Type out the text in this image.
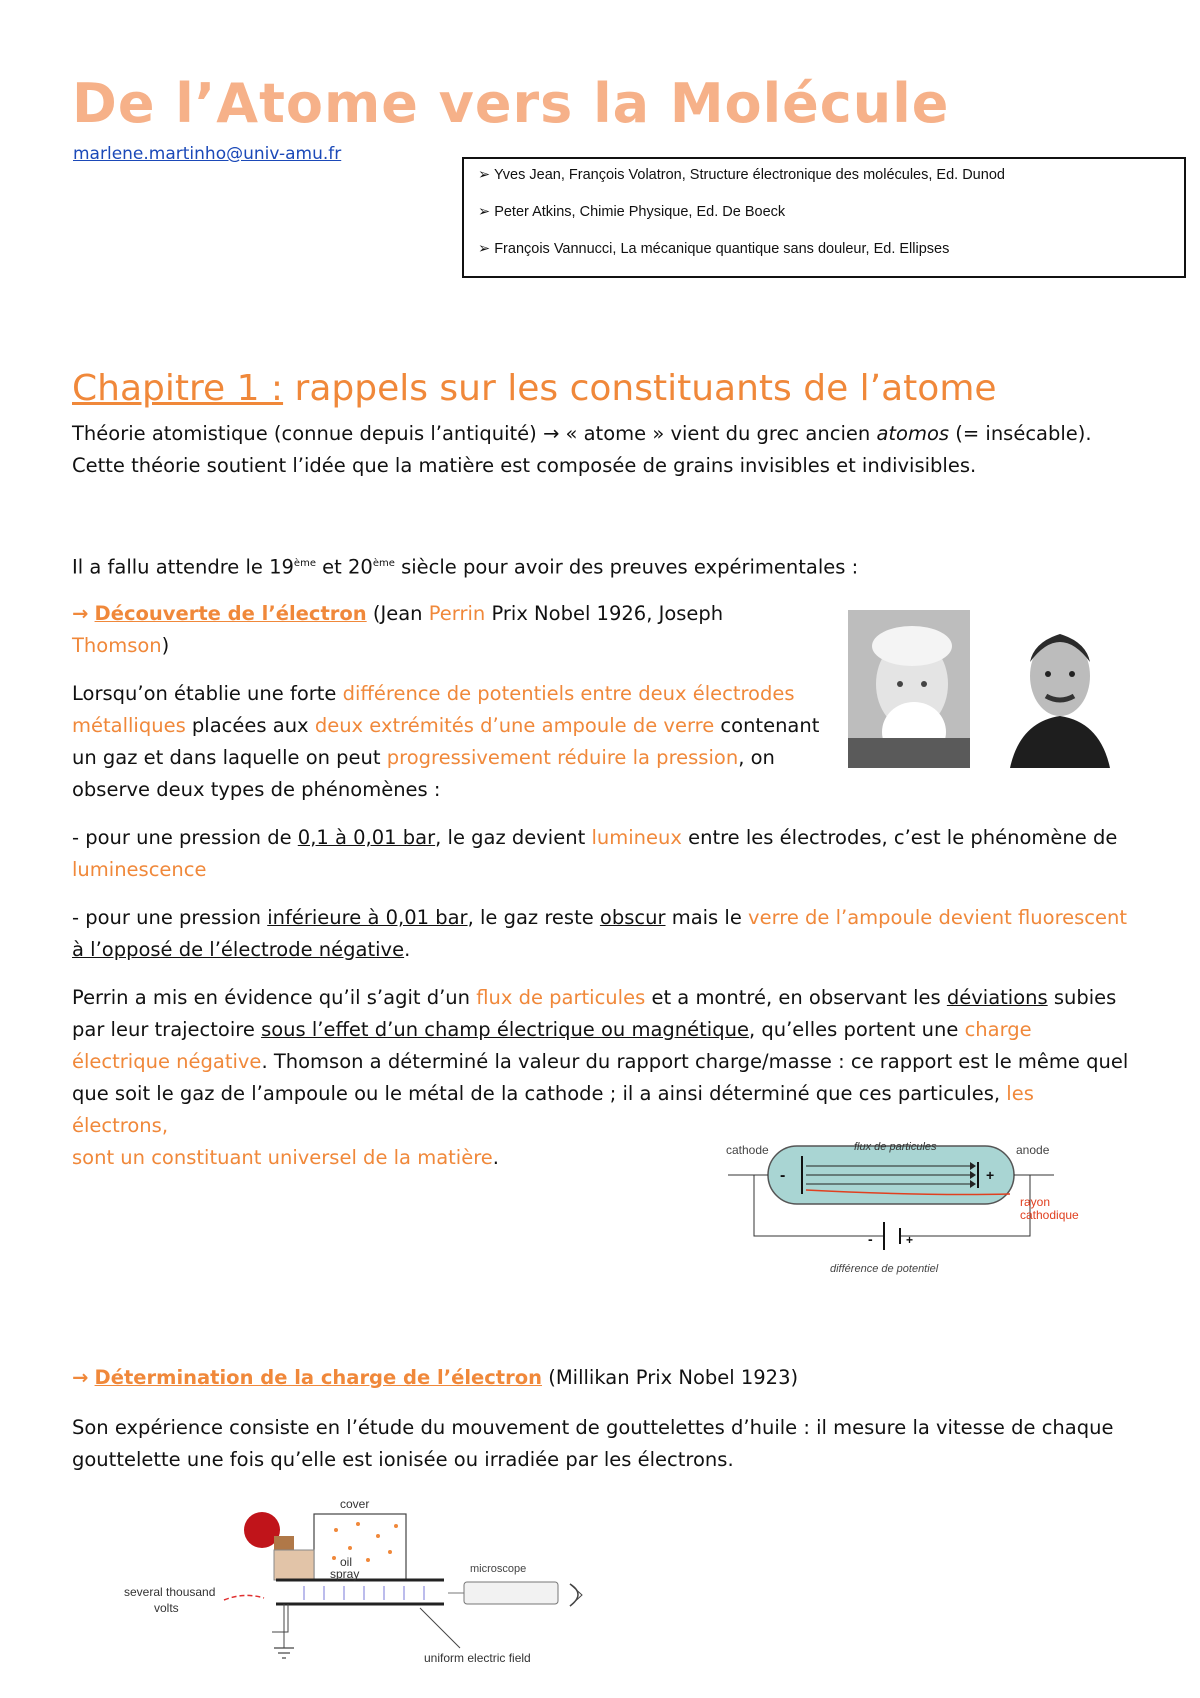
De l’Atome vers la Molécule
marlene.martinho@univ-amu.fr
➢ Yves Jean, François Volatron, Structure électronique des molécules, Ed. Dunod
➢ Peter Atkins, Chimie Physique, Ed. De Boeck
➢ François Vannucci, La mécanique quantique sans douleur, Ed. Ellipses
Chapitre 1 : rappels sur les constituants de l’atome
Théorie atomistique (connue depuis l’antiquité) → « atome » vient du grec ancien atomos (= insécable).
Cette théorie soutient l’idée que la matière est composée de grains invisibles et indivisibles.
Il a fallu attendre le 19ème et 20ème siècle pour avoir des preuves expérimentales :
→ Découverte de l’électron (Jean Perrin Prix Nobel 1926, Joseph
Thomson)
Lorsqu’on établie une forte différence de potentiels entre deux électrodes
métalliques placées aux deux extrémités d’une ampoule de verre contenant
un gaz et dans laquelle on peut progressivement réduire la pression, on
observe deux types de phénomènes :
- pour une pression de 0,1 à 0,01 bar, le gaz devient lumineux entre les électrodes, c’est le phénomène de
luminescence
- pour une pression inférieure à 0,01 bar, le gaz reste obscur mais le verre de l’ampoule devient fluorescent
à l’opposé de l’électrode négative.
Perrin a mis en évidence qu’il s’agit d’un flux de particules et a montré, en observant les déviations subies
par leur trajectoire sous l’effet d’un champ électrique ou magnétique, qu’elles portent une charge
électrique négative. Thomson a déterminé la valeur du rapport charge/masse : ce rapport est le même quel
que soit le gaz de l’ampoule ou le métal de la cathode ; il a ainsi déterminé que ces particules, les électrons,
sont un constituant universel de la matière.	cathode	anode
flux de particules
-	+
rayon
cathodique
-	+
différence de potentiel
→ Détermination de la charge de l’électron (Millikan Prix Nobel 1923)
Son expérience consiste en l’étude du mouvement de gouttelettes d’huile : il mesure la vitesse de chaque
gouttelette une fois qu’elle est ionisée ou irradiée par les électrons.
cover
oil
spray	microscope
several thousand
volts
uniform electric field
